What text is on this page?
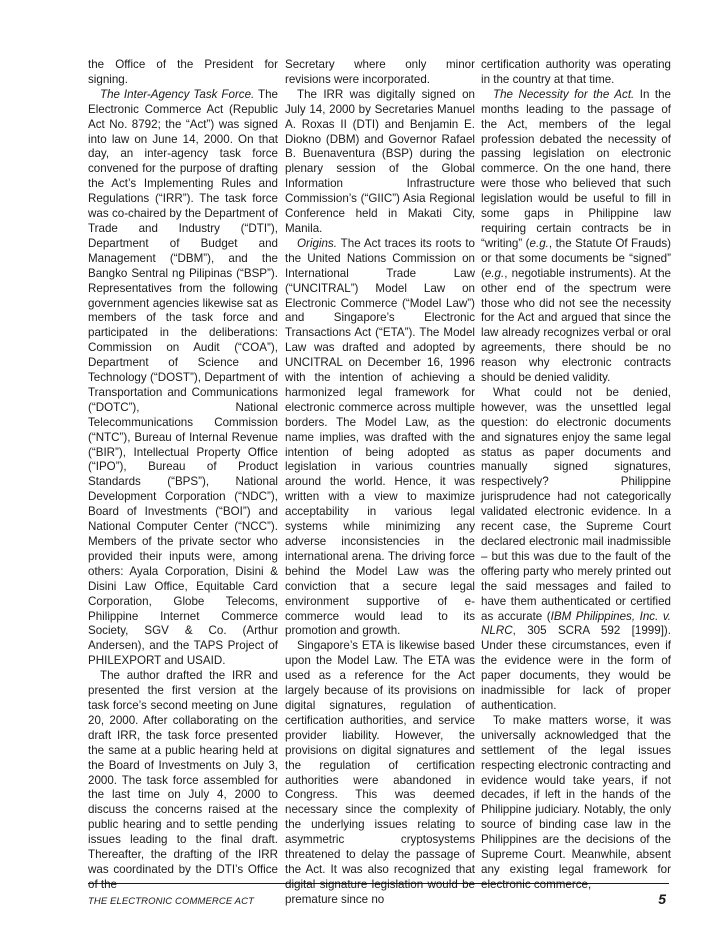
the Office of the President for signing.

The Inter-Agency Task Force. The Electronic Commerce Act (Republic Act No. 8792; the “Act”) was signed into law on June 14, 2000. On that day, an inter-agency task force convened for the purpose of drafting the Act’s Implementing Rules and Regulations (“IRR”). The task force was co-chaired by the Department of Trade and Industry (“DTI”), Department of Budget and Management (“DBM”), and the Bangko Sentral ng Pilipinas (“BSP”). Representatives from the following government agencies likewise sat as members of the task force and participated in the deliberations: Commission on Audit (“COA”), Department of Science and Technology (“DOST”), Department of Transportation and Communications (“DOTC”), National Telecommunications Commission (“NTC”), Bureau of Internal Revenue (“BIR”), Intellectual Property Office (“IPO”), Bureau of Product Standards (“BPS”), National Development Corporation (“NDC”), Board of Investments (“BOI”) and National Computer Center (“NCC”). Members of the private sector who provided their inputs were, among others: Ayala Corporation, Disini & Disini Law Office, Equitable Card Corporation, Globe Telecoms, Philippine Internet Commerce Society, SGV & Co. (Arthur Andersen), and the TAPS Project of PHILEXPORT and USAID.

The author drafted the IRR and presented the first version at the task force’s second meeting on June 20, 2000. After collaborating on the draft IRR, the task force presented the same at a public hearing held at the Board of Investments on July 3, 2000. The task force assembled for the last time on July 4, 2000 to discuss the concerns raised at the public hearing and to settle pending issues leading to the final draft. Thereafter, the drafting of the IRR was coordinated by the DTI’s Office of the

Secretary where only minor revisions were incorporated.

The IRR was digitally signed on July 14, 2000 by Secretaries Manuel A. Roxas II (DTI) and Benjamin E. Diokno (DBM) and Governor Rafael B. Buenaventura (BSP) during the plenary session of the Global Information Infrastructure Commission’s (“GIIC”) Asia Regional Conference held in Makati City, Manila.

Origins. The Act traces its roots to the United Nations Commission on International Trade Law (“UNCITRAL”) Model Law on Electronic Commerce (“Model Law”) and Singapore’s Electronic Transactions Act (“ETA”). The Model Law was drafted and adopted by UNCITRAL on December 16, 1996 with the intention of achieving a harmonized legal framework for electronic commerce across multiple borders. The Model Law, as the name implies, was drafted with the intention of being adopted as legislation in various countries around the world. Hence, it was written with a view to maximize acceptability in various legal systems while minimizing any adverse inconsistencies in the international arena. The driving force behind the Model Law was the conviction that a secure legal environment supportive of e-commerce would lead to its promotion and growth.

Singapore’s ETA is likewise based upon the Model Law. The ETA was used as a reference for the Act largely because of its provisions on digital signatures, regulation of certification authorities, and service provider liability. However, the provisions on digital signatures and the regulation of certification authorities were abandoned in Congress. This was deemed necessary since the complexity of the underlying issues relating to asymmetric cryptosystems threatened to delay the passage of the Act. It was also recognized that digital signature legislation would be premature since no

certification authority was operating in the country at that time.

The Necessity for the Act. In the months leading to the passage of the Act, members of the legal profession debated the necessity of passing legislation on electronic commerce. On the one hand, there were those who believed that such legislation would be useful to fill in some gaps in Philippine law requiring certain contracts be in “writing” (e.g., the Statute Of Frauds) or that some documents be “signed” (e.g., negotiable instruments). At the other end of the spectrum were those who did not see the necessity for the Act and argued that since the law already recognizes verbal or oral agreements, there should be no reason why electronic contracts should be denied validity.

What could not be denied, however, was the unsettled legal question: do electronic documents and signatures enjoy the same legal status as paper documents and manually signed signatures, respectively? Philippine jurisprudence had not categorically validated electronic evidence. In a recent case, the Supreme Court declared electronic mail inadmissible – but this was due to the fault of the offering party who merely printed out the said messages and failed to have them authenticated or certified as accurate (IBM Philippines, Inc. v. NLRC, 305 SCRA 592 [1999]). Under these circumstances, even if the evidence were in the form of paper documents, they would be inadmissible for lack of proper authentication.

To make matters worse, it was universally acknowledged that the settlement of the legal issues respecting electronic contracting and evidence would take years, if not decades, if left in the hands of the Philippine judiciary. Notably, the only source of binding case law in the Philippines are the decisions of the Supreme Court. Meanwhile, absent any existing legal framework for electronic commerce,

THE ELECTRONIC COMMERCE ACT	5
